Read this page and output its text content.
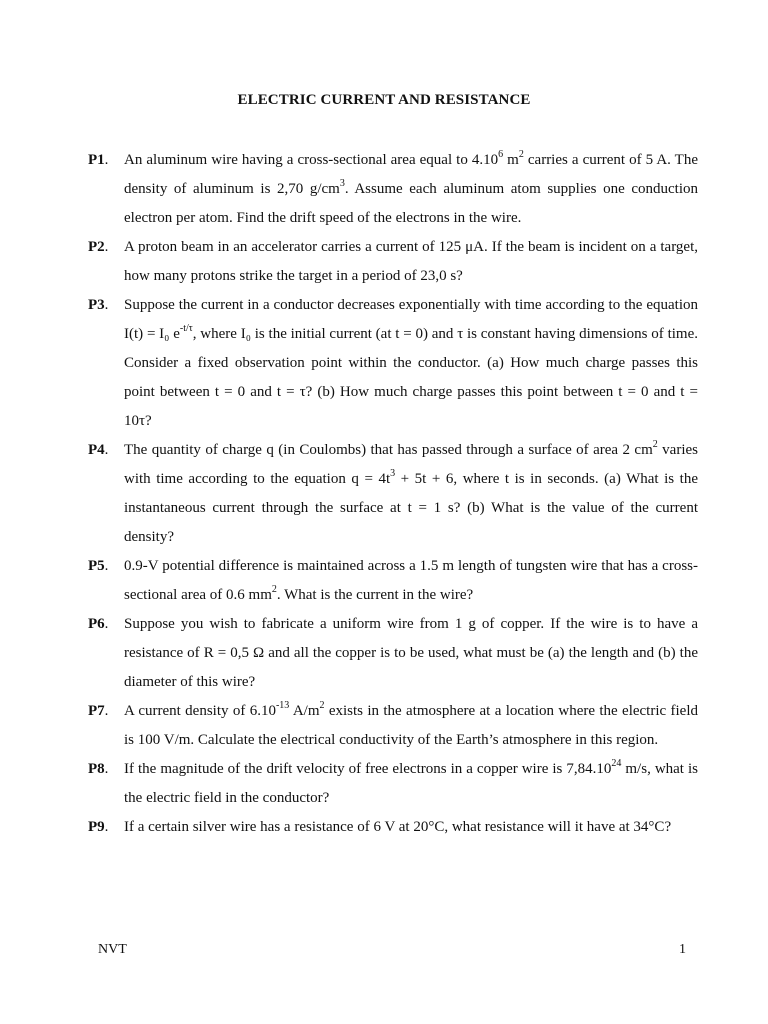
ELECTRIC CURRENT AND RESISTANCE
P1. An aluminum wire having a cross-sectional area equal to 4.10$^6$ $m^2$ carries a current of 5 A. The density of aluminum is 2,70 $g/cm^3$. Assume each aluminum atom supplies one conduction electron per atom. Find the drift speed of the electrons in the wire.
P2. A proton beam in an accelerator carries a current of 125 μA. If the beam is incident on a target, how many protons strike the target in a period of 23,0 s?
P3. Suppose the current in a conductor decreases exponentially with time according to the equation I(t) = I₀ $e^{-t/\tau}$, where I₀ is the initial current (at t = 0) and τ is constant having dimensions of time. Consider a fixed observation point within the conductor. (a) How much charge passes this point between t = 0 and t = τ? (b) How much charge passes this point between t = 0 and t = 10τ?
P4. The quantity of charge q (in Coulombs) that has passed through a surface of area 2 $cm^2$ varies with time according to the equation $q = 4t^3 + 5t + 6$, where t is in seconds. (a) What is the instantaneous current through the surface at t = 1 s? (b) What is the value of the current density?
P5. 0.9-V potential difference is maintained across a 1.5 m length of tungsten wire that has a cross-sectional area of 0.6 $mm^2$. What is the current in the wire?
P6. Suppose you wish to fabricate a uniform wire from 1 g of copper. If the wire is to have a resistance of R = 0,5 Ω and all the copper is to be used, what must be (a) the length and (b) the diameter of this wire?
P7. A current density of $6.10^{-13}$ $A/m^2$ exists in the atmosphere at a location where the electric field is 100 V/m. Calculate the electrical conductivity of the Earth’s atmosphere in this region.
P8. If the magnitude of the drift velocity of free electrons in a copper wire is 7,84.10$^{24}$ m/s, what is the electric field in the conductor?
P9. If a certain silver wire has a resistance of 6 V at 20°C, what resistance will it have at 34°C?
NVT	1
